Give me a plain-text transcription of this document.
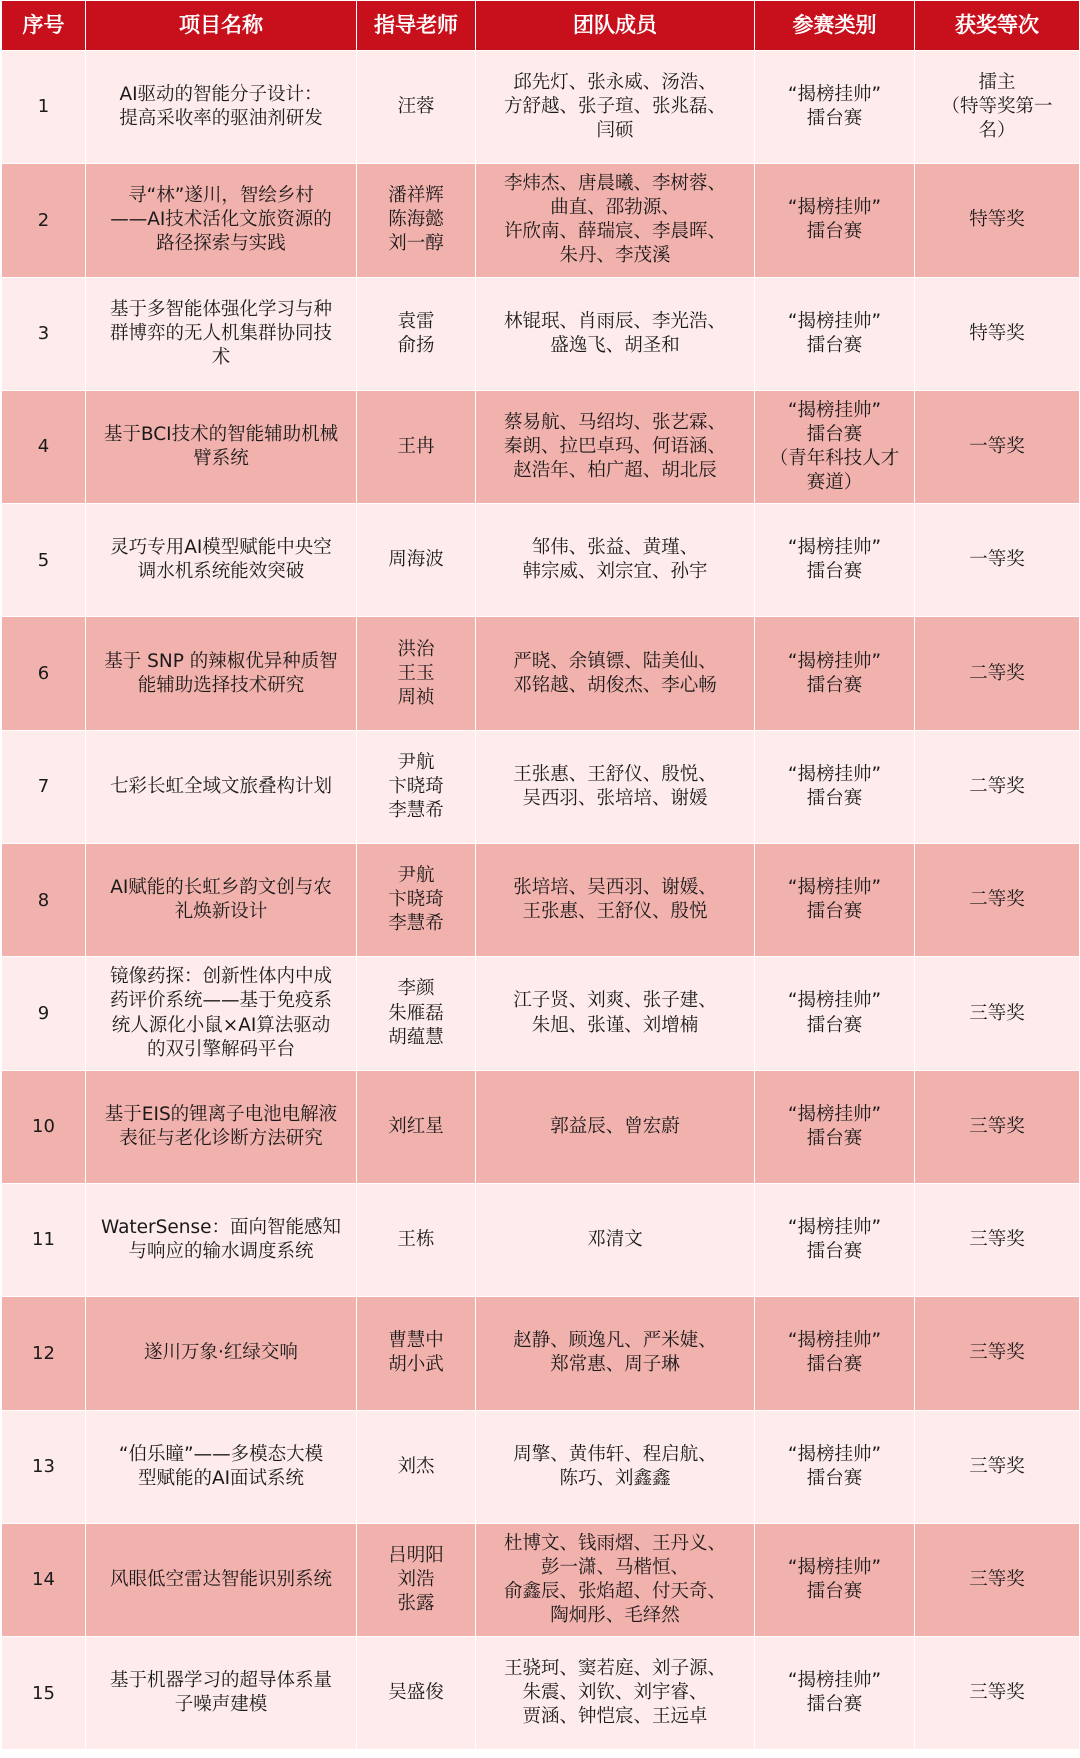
序号	项目名称	指导老师	团队成员	参赛类别	获奖等次
1	AI驱动的智能分子设计：
提高采收率的驱油剂研发	汪蓉	邱先灯、张永威、汤浩、
方舒越、张子瑄、张兆磊、
闫硕	“揭榜挂帅”
擂台赛	擂主
（特等奖第一
名）
2	寻“林”遂川，智绘乡村
——AI技术活化文旅资源的
路径探索与实践	潘祥辉
陈海懿
刘一醇	李炜杰、唐晨曦、李树蓉、
曲直、邵勃源、
许欣南、薛瑞宸、李晨晖、
朱丹、李茂溪	“揭榜挂帅”
擂台赛	特等奖
3	基于多智能体强化学习与种
群博弈的无人机集群协同技
术	袁雷
俞扬	林锟珉、肖雨辰、李光浩、
盛逸飞、胡圣和	“揭榜挂帅”
擂台赛	特等奖
4	基于BCI技术的智能辅助机械
臂系统	王冉	蔡易航、马绍均、张艺霖、
秦朗、拉巴卓玛、何语涵、
赵浩年、柏广超、胡北辰	“揭榜挂帅”
擂台赛
（青年科技人才
赛道）	一等奖
5	灵巧专用AI模型赋能中央空
调水机系统能效突破	周海波	邹伟、张益、黄瑾、
韩宗威、刘宗宜、孙宇	“揭榜挂帅”
擂台赛	一等奖
6	基于 SNP 的辣椒优异种质智
能辅助选择技术研究	洪治
王玉
周祯	严晓、余镇镖、陆美仙、
邓铭越、胡俊杰、李心畅	“揭榜挂帅”
擂台赛	二等奖
7	七彩长虹全域文旅叠构计划	尹航
卞晓琦
李慧希	王张惠、王舒仪、殷悦、
吴西羽、张培培、谢媛	“揭榜挂帅”
擂台赛	二等奖
8	AI赋能的长虹乡韵文创与农
礼焕新设计	尹航
卞晓琦
李慧希	张培培、吴西羽、谢媛、
王张惠、王舒仪、殷悦	“揭榜挂帅”
擂台赛	二等奖
9	镜像药探：创新性体内中成
药评价系统——基于免疫系
统人源化小鼠×AI算法驱动
的双引擎解码平台	李颜
朱雁磊
胡蕴慧	江子贤、刘爽、张子建、
朱旭、张谨、刘增楠	“揭榜挂帅”
擂台赛	三等奖
10	基于EIS的锂离子电池电解液
表征与老化诊断方法研究	刘红星	郭益辰、曾宏蔚	“揭榜挂帅”
擂台赛	三等奖
11	WaterSense：面向智能感知
与响应的输水调度系统	王栋	邓清文	“揭榜挂帅”
擂台赛	三等奖
12	遂川万象·红绿交响	曹慧中
胡小武	赵静、顾逸凡、严米婕、
郑常惠、周子琳	“揭榜挂帅”
擂台赛	三等奖
13	“伯乐瞳”——多模态大模
型赋能的AI面试系统	刘杰	周擎、黄伟轩、程启航、
陈巧、刘鑫鑫	“揭榜挂帅”
擂台赛	三等奖
14	风眼低空雷达智能识别系统	吕明阳
刘浩
张露	杜博文、钱雨熠、王丹义、
彭一潇、马楷恒、
俞鑫辰、张焰超、付天奇、
陶炯彤、毛绎然	“揭榜挂帅”
擂台赛	三等奖
15	基于机器学习的超导体系量
子噪声建模	吴盛俊	王骁珂、窦若庭、刘子源、
朱震、刘钦、刘宇睿、
贾涵、钟恺宸、王远卓	“揭榜挂帅”
擂台赛	三等奖
